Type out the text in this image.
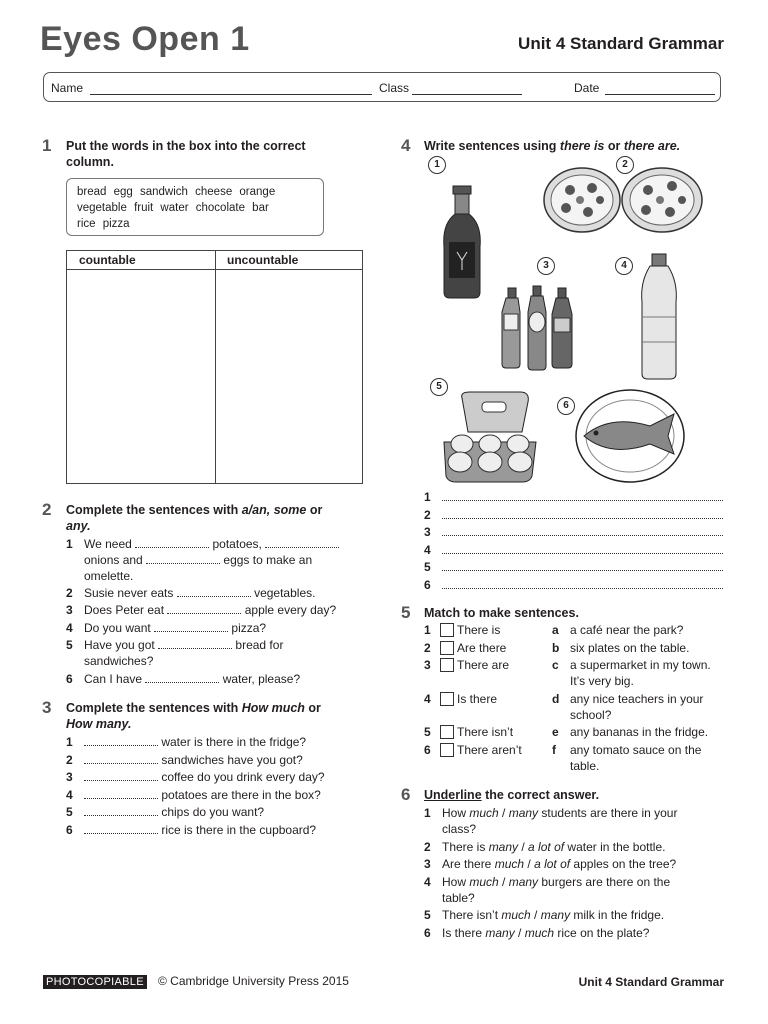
Eyes Open 1	Unit 4 Standard Grammar
Name	Class	Date
1 Put the words in the box into the correct column.
bread egg sandwich cheese orange
vegetable fruit water chocolate bar
rice pizza
countable	uncountable
2 Complete the sentences with a/an, some or
any.
1 We need	potatoes,
onions and	eggs to make an
omelette.
2 Susie never eats	vegetables.
3 Does Peter eat	apple every day?
4 Do you want	pizza?
5 Have you got	bread for
sandwiches?
6 Can I have	water, please?
3 Complete the sentences with How much or
How many.
1	water is there in the fridge?
2	sandwiches have you got?
3	coffee do you drink every day?
4	potatoes are there in the box?
5	chips do you want?
6	rice is there in the cupboard?
4 Write sentences using there is or there are.
1	2
3	4
5
6
1
2
3
4
5
6
5 Match to make sentences.
1	There is	a a café near the park?
2	Are there	b six plates on the table.
3	There are	c a supermarket in my town.
It’s very big.
4	Is there	d any nice teachers in your
school?
5	There isn’t	e any bananas in the fridge.
6	There aren’t	f any tomato sauce on the
table.
6 Underline the correct answer.
1 How much / many students are there in your
class?
2 There is many / a lot of water in the bottle.
3 Are there much / a lot of apples on the tree?
4 How much / many burgers are there on the
table?
5 There isn’t much / many milk in the fridge.
6 Is there many / much rice on the plate?
PHOTOCOPIABLE © Cambridge University Press 2015	Unit 4 Standard Grammar
